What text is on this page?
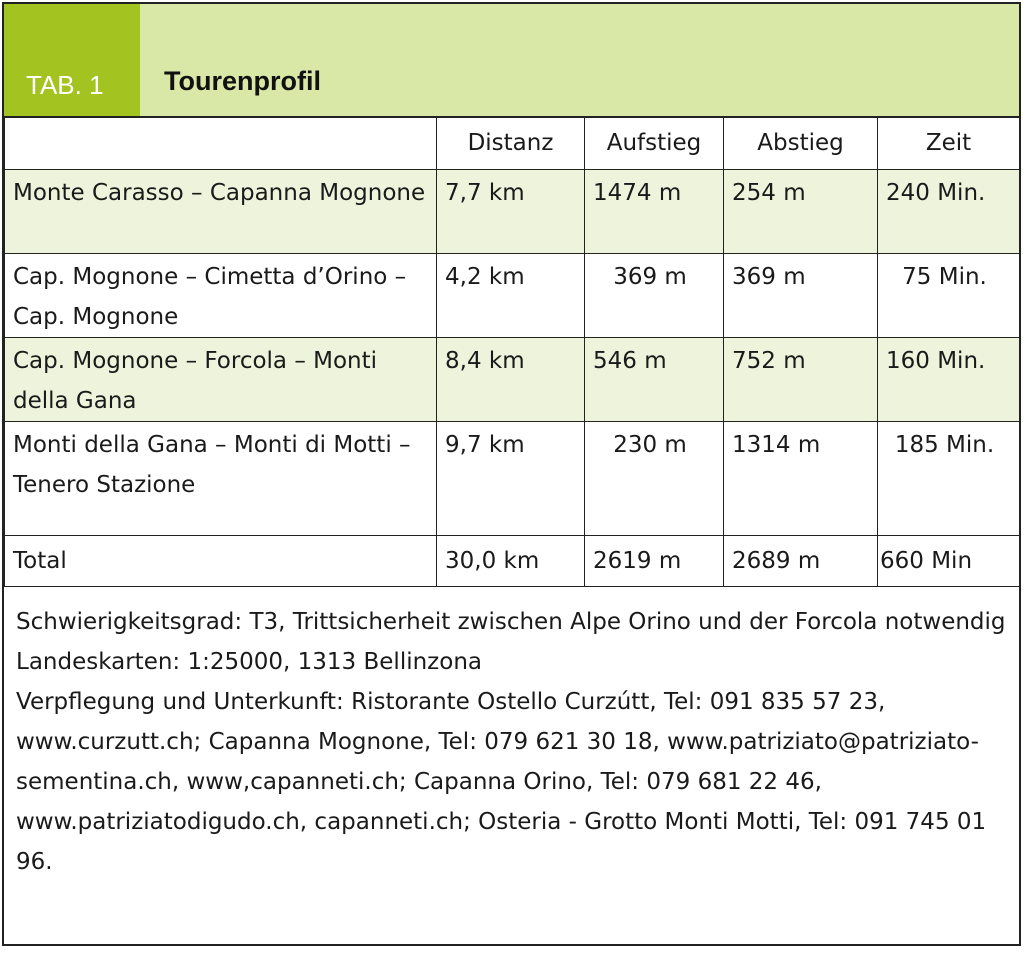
TAB. 1 Tourenprofil
	Distanz	Aufstieg	Abstieg	Zeit
Monte Carasso – Capanna Mognone	7,7 km	1474 m	254 m	240 Min.
Cap. Mognone – Cimetta d’Orino – Cap. Mognone	4,2 km	369 m	369 m	75 Min.
Cap. Mognone – Forcola – Monti della Gana	8,4 km	546 m	752 m	160 Min.
Monti della Gana – Monti di Motti – Tenero Stazione	9,7 km	230 m	1314 m	185 Min.
Total	30,0 km	2619 m	2689 m	660 Min

Schwierigkeitsgrad: T3, Trittsicherheit zwischen Alpe Orino und der Forcola notwendig

Landeskarten: 1:25000, 1313 Bellinzona

Verpflegung und Unterkunft: Ristorante Ostello Curzútt, Tel: 091 835 57 23, www.curzutt.ch; Capanna Mognone, Tel: 079 621 30 18, www.patriziato@patriziato-sementina.ch, www,capanneti.ch; Capanna Orino, Tel: 079 681 22 46, www.patriziatodigudo.ch, capanneti.ch; Osteria - Grotto Monti Motti, Tel: 091 745 01 96.
